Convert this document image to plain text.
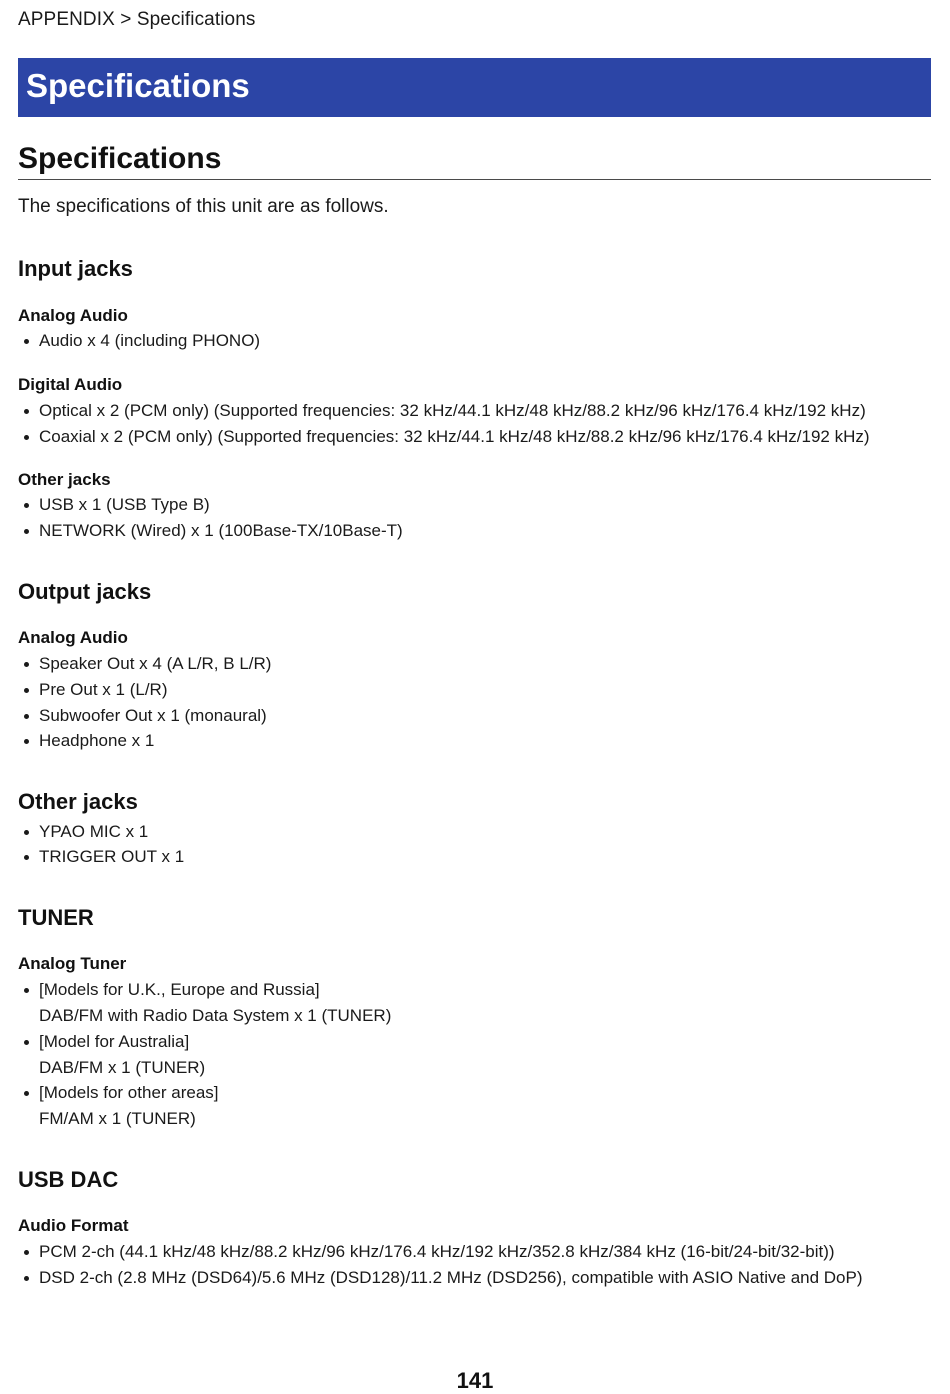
APPENDIX > Specifications
Specifications
Specifications
The specifications of this unit are as follows.
Input jacks
Analog Audio
Audio x 4 (including PHONO)
Digital Audio
Optical x 2 (PCM only) (Supported frequencies: 32 kHz/44.1 kHz/48 kHz/88.2 kHz/96 kHz/176.4 kHz/192 kHz)
Coaxial x 2 (PCM only) (Supported frequencies: 32 kHz/44.1 kHz/48 kHz/88.2 kHz/96 kHz/176.4 kHz/192 kHz)
Other jacks
USB x 1 (USB Type B)
NETWORK (Wired) x 1 (100Base-TX/10Base-T)
Output jacks
Analog Audio
Speaker Out x 4 (A L/R, B L/R)
Pre Out x 1 (L/R)
Subwoofer Out x 1 (monaural)
Headphone x 1
Other jacks
YPAO MIC x 1
TRIGGER OUT x 1
TUNER
Analog Tuner
[Models for U.K., Europe and Russia]
DAB/FM with Radio Data System x 1 (TUNER)
[Model for Australia]
DAB/FM x 1 (TUNER)
[Models for other areas]
FM/AM x 1 (TUNER)
USB DAC
Audio Format
PCM 2-ch (44.1 kHz/48 kHz/88.2 kHz/96 kHz/176.4 kHz/192 kHz/352.8 kHz/384 kHz (16-bit/24-bit/32-bit))
DSD 2-ch (2.8 MHz (DSD64)/5.6 MHz (DSD128)/11.2 MHz (DSD256), compatible with ASIO Native and DoP)
141
